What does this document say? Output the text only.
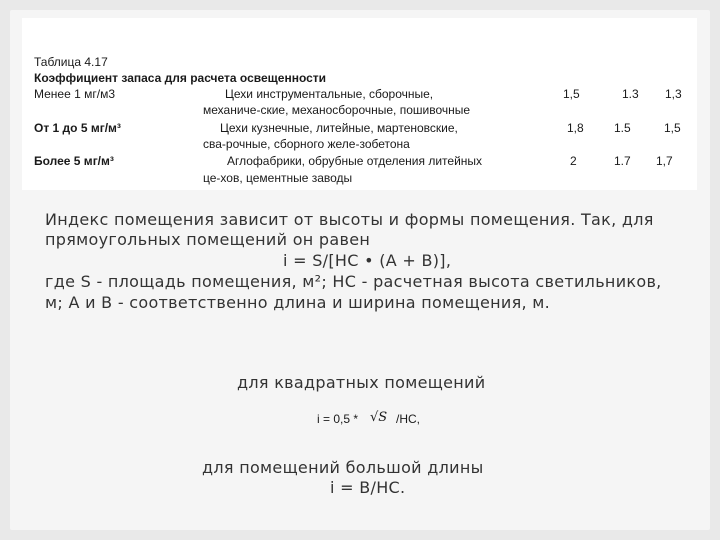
Таблица 4.17
Коэффициент запаса для расчета освещенности
Менее 1 мг/м3	Цехи инструментальные, сборочные,
механиче-ские, механосборочные, пошивочные
1,5	1.3 1,3
От 1 до 5 мг/м³	Цехи кузнечные, литейные, мартеновские,
сва-рочные, сборного желе-зобетона
1,8	1.5	1,5
Более 5 мг/м³	Аглофабрики, обрубные отделения литейных
це-хов, цементные заводы
2	1.7 1,7
Индекс помещения зависит от высоты и формы помещения. Так, для
прямоугольных помещений он равен
i = S/[HC • (A + B)],
где S - площадь помещения, м²; HC - расчетная высота светильников,
м; А и В - соответственно длина и ширина помещения, м.
для квадратных помещений
i = 0,5 * √S /HC,
для помещений большой длины
i = B/HC.
